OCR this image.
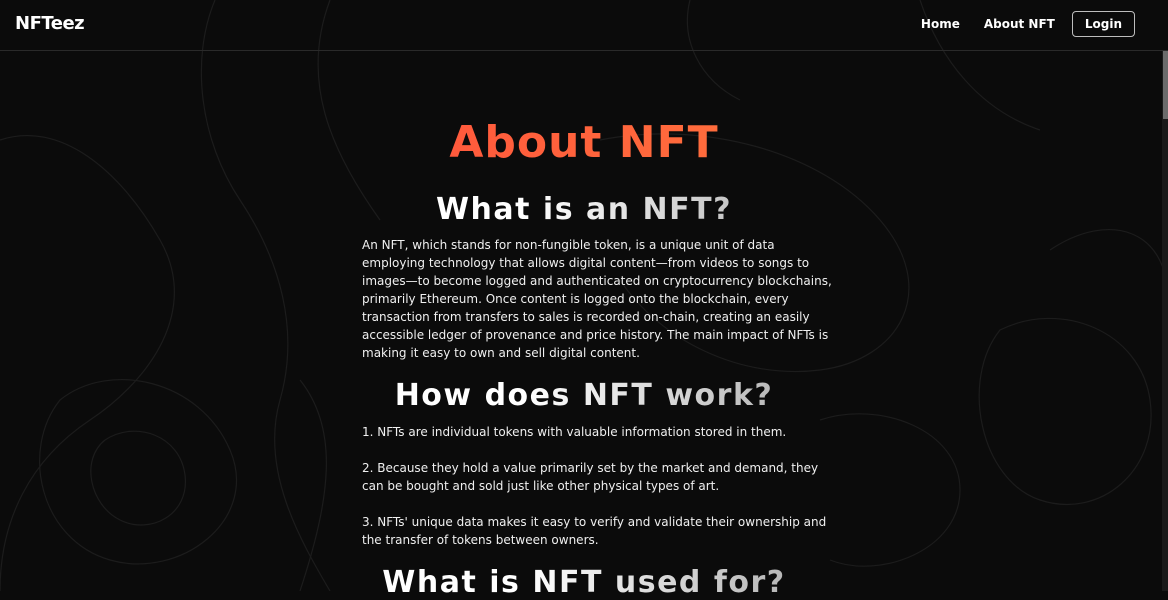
NFTeez	Home About NFT	Login
About NFT
What is an NFT?

An NFT, which stands for non-fungible token, is a unique unit of data employing technology that allows digital content—from videos to songs to images—to become logged and authenticated on cryptocurrency blockchains, primarily Ethereum. Once content is logged onto the blockchain, every transaction from transfers to sales is recorded on-chain, creating an easily accessible ledger of provenance and price history. The main impact of NFTs is making it easy to own and sell digital content.

How does NFT work?

1. NFTs are individual tokens with valuable information stored in them.

2. Because they hold a value primarily set by the market and demand, they can be bought and sold just like other physical types of art.

3. NFTs' unique data makes it easy to verify and validate their ownership and the transfer of tokens between owners.

What is NFT used for?
